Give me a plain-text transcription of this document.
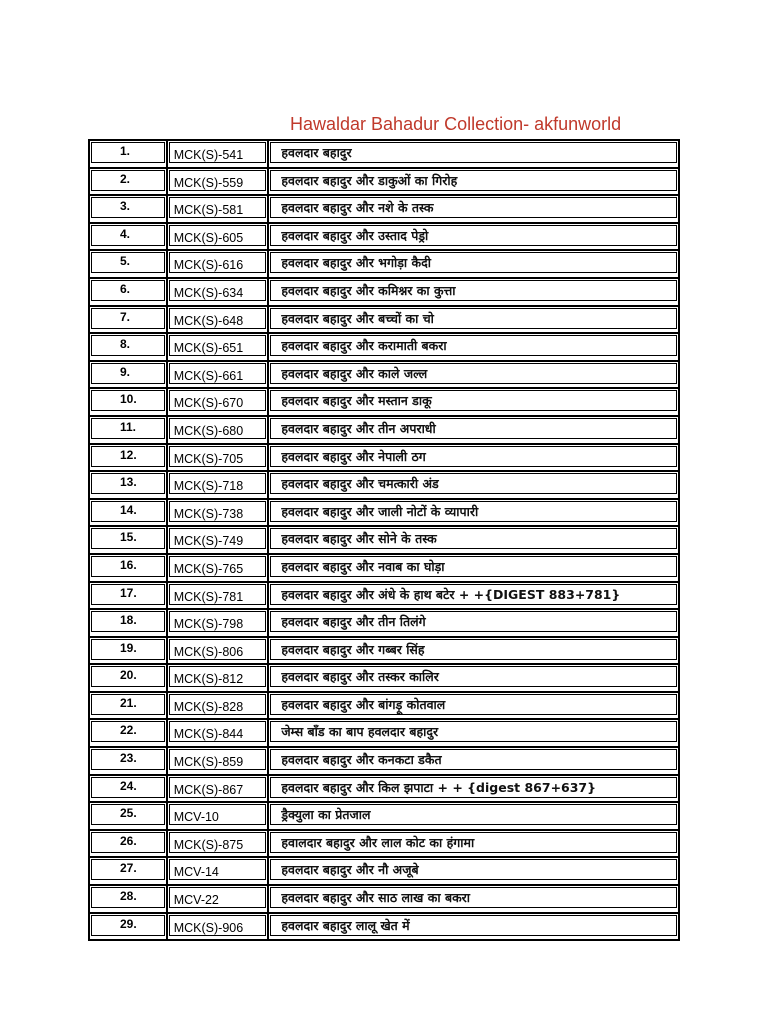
Hawaldar Bahadur Collection- akfunworld
1.	MCK(S)-541	हवलदार बहादुर

2.	MCK(S)-559	हवलदार बहादुर और डाकुओं का गिरोह

3.	MCK(S)-581	हवलदार बहादुर और नशे के तस्क

4.	MCK(S)-605	हवलदार बहादुर और उस्ताद पेड्रो

5.	MCK(S)-616	हवलदार बहादुर और भगोड़ा कैदी

6.	MCK(S)-634	हवलदार बहादुर और कमिश्नर का कुत्ता

7.	MCK(S)-648	हवलदार बहादुर और बच्चों का चो

8.	MCK(S)-651	हवलदार बहादुर और करामाती बकरा

9.	MCK(S)-661	हवलदार बहादुर और काले जल्ल

10.	MCK(S)-670	हवलदार बहादुर और मस्तान डाकू

11.	MCK(S)-680	हवलदार बहादुर और तीन अपराधी

12.	MCK(S)-705	हवलदार बहादुर और नेपाली ठग

13.	MCK(S)-718	हवलदार बहादुर और चमत्कारी अंड

14.	MCK(S)-738	हवलदार बहादुर और जाली नोटों के व्यापारी

15.	MCK(S)-749	हवलदार बहादुर और सोने के तस्क

16.	MCK(S)-765	हवलदार बहादुर और नवाब का घोड़ा

17.	MCK(S)-781	हवलदार बहादुर और अंधे के हाथ बटेर + +{DIGEST 883+781}

18.	MCK(S)-798	हवलदार बहादुर और तीन तिलंगे

19.	MCK(S)-806	हवलदार बहादुर और गब्बर सिंह

20.	MCK(S)-812	हवलदार बहादुर और तस्कर कालिर

21.	MCK(S)-828	हवलदार बहादुर और बांगड़ू कोतवाल

22.	MCK(S)-844	जेम्स बॉंड का बाप हवलदार बहादुर

23.	MCK(S)-859	हवलदार बहादुर और कनकटा डकैत

24.	MCK(S)-867	हवलदार बहादुर और किल झपाटा + + {digest 867+637}

25.	MCV-10	ड्रैक्युला का प्रेतजाल

26.	MCK(S)-875	हवालदार बहादुर और लाल कोट का हंगामा

27.	MCV-14	हवलदार बहादुर और नौ अजूबे

28.	MCV-22	हवलदार बहादुर और साठ लाख का बकरा

29.	MCK(S)-906	हवलदार बहादुर लालू खेत में
